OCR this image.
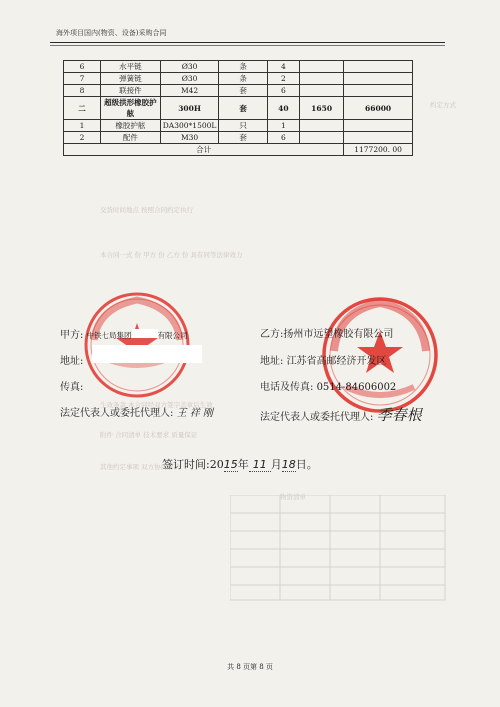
海外项目国内(物资、设备)采购合同
约定方式
交货时间地点 按照合同约定执行
本合同一式 份 甲方 份 乙方 份 具有同等法律效力
生效条款 本合同经双方签字盖章后生效
附件 合同清单 技术要求 质量保证
其他约定事项 双方协商解决
物资清单
6	水平链	Ø30	条	4		
7	弹簧链	Ø30	条	2		
8	联接件	M42	套	6		
二	超级拱形橡胶护舷	300H	套	40	1650	66000
1	橡胶护舷	DA300*1500L	只	1		
2	配件	M30	套	6		
合计						1177200. 00
甲方: 中铁七局集团	有限公司
地址:
传真:
法定代表人或委托代理人: 王 祥 刚
乙方:扬州市远望橡胶有限公司
地址: 江苏省高邮经济开发区
电话及传真: 0514-84606002
法定代表人或委托代理人: 季春根
签订时间:2015年 11 月18日。
共 8 页第 8 页
